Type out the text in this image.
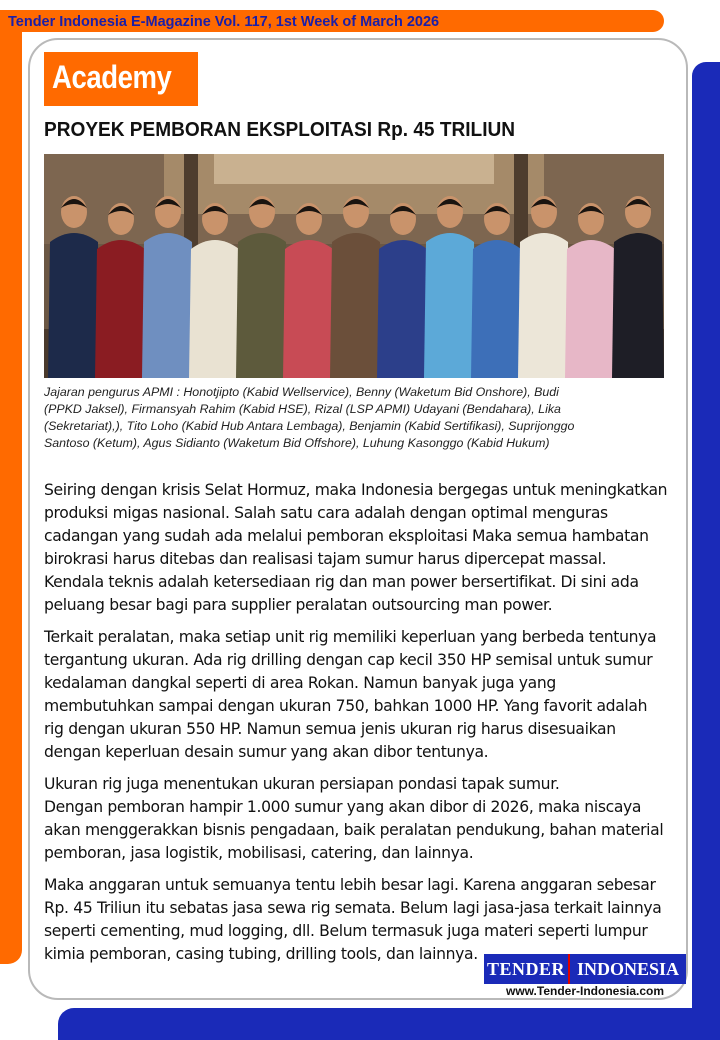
Tender Indonesia E-Magazine Vol. 117, 1st Week of March 2026
Academy
PROYEK PEMBORAN EKSPLOITASI Rp. 45 TRILIUN
Jajaran pengurus APMI : Honotjipto (Kabid Wellservice), Benny (Waketum Bid Onshore), Budi
(PPKD Jaksel), Firmansyah Rahim (Kabid HSE), Rizal (LSP APMI) Udayani (Bendahara), Lika
(Sekretariat),), Tito Loho (Kabid Hub Antara Lembaga), Benjamin (Kabid Sertifikasi), Suprijonggo
Santoso (Ketum), Agus Sidianto (Waketum Bid Offshore), Luhung Kasonggo (Kabid Hukum)

Seiring dengan krisis Selat Hormuz, maka Indonesia bergegas untuk meningkatkan
produksi migas nasional. Salah satu cara adalah dengan optimal menguras
cadangan yang sudah ada melalui pemboran eksploitasi Maka semua hambatan
birokrasi harus ditebas dan realisasi tajam sumur harus dipercepat massal.
Kendala teknis adalah ketersediaan rig dan man power bersertifikat. Di sini ada
peluang besar bagi para supplier peralatan outsourcing man power.

Terkait peralatan, maka setiap unit rig memiliki keperluan yang berbeda tentunya
tergantung ukuran. Ada rig drilling dengan cap kecil 350 HP semisal untuk sumur
kedalaman dangkal seperti di area Rokan. Namun banyak juga yang
membutuhkan sampai dengan ukuran 750, bahkan 1000 HP. Yang favorit adalah
rig dengan ukuran 550 HP. Namun semua jenis ukuran rig harus disesuaikan
dengan keperluan desain sumur yang akan dibor tentunya.

Ukuran rig juga menentukan ukuran persiapan pondasi tapak sumur.
Dengan pemboran hampir 1.000 sumur yang akan dibor di 2026, maka niscaya
akan menggerakkan bisnis pengadaan, baik peralatan pendukung, bahan material
pemboran, jasa logistik, mobilisasi, catering, dan lainnya.

Maka anggaran untuk semuanya tentu lebih besar lagi. Karena anggaran sebesar
Rp. 45 Triliun itu sebatas jasa sewa rig semata. Belum lagi jasa-jasa terkait lainnya
seperti cementing, mud logging, dll. Belum termasuk juga materi seperti lumpur
kimia pemboran, casing tubing, drilling tools, dan lainnya.

TENDER INDONESIA
www.Tender-Indonesia.com
